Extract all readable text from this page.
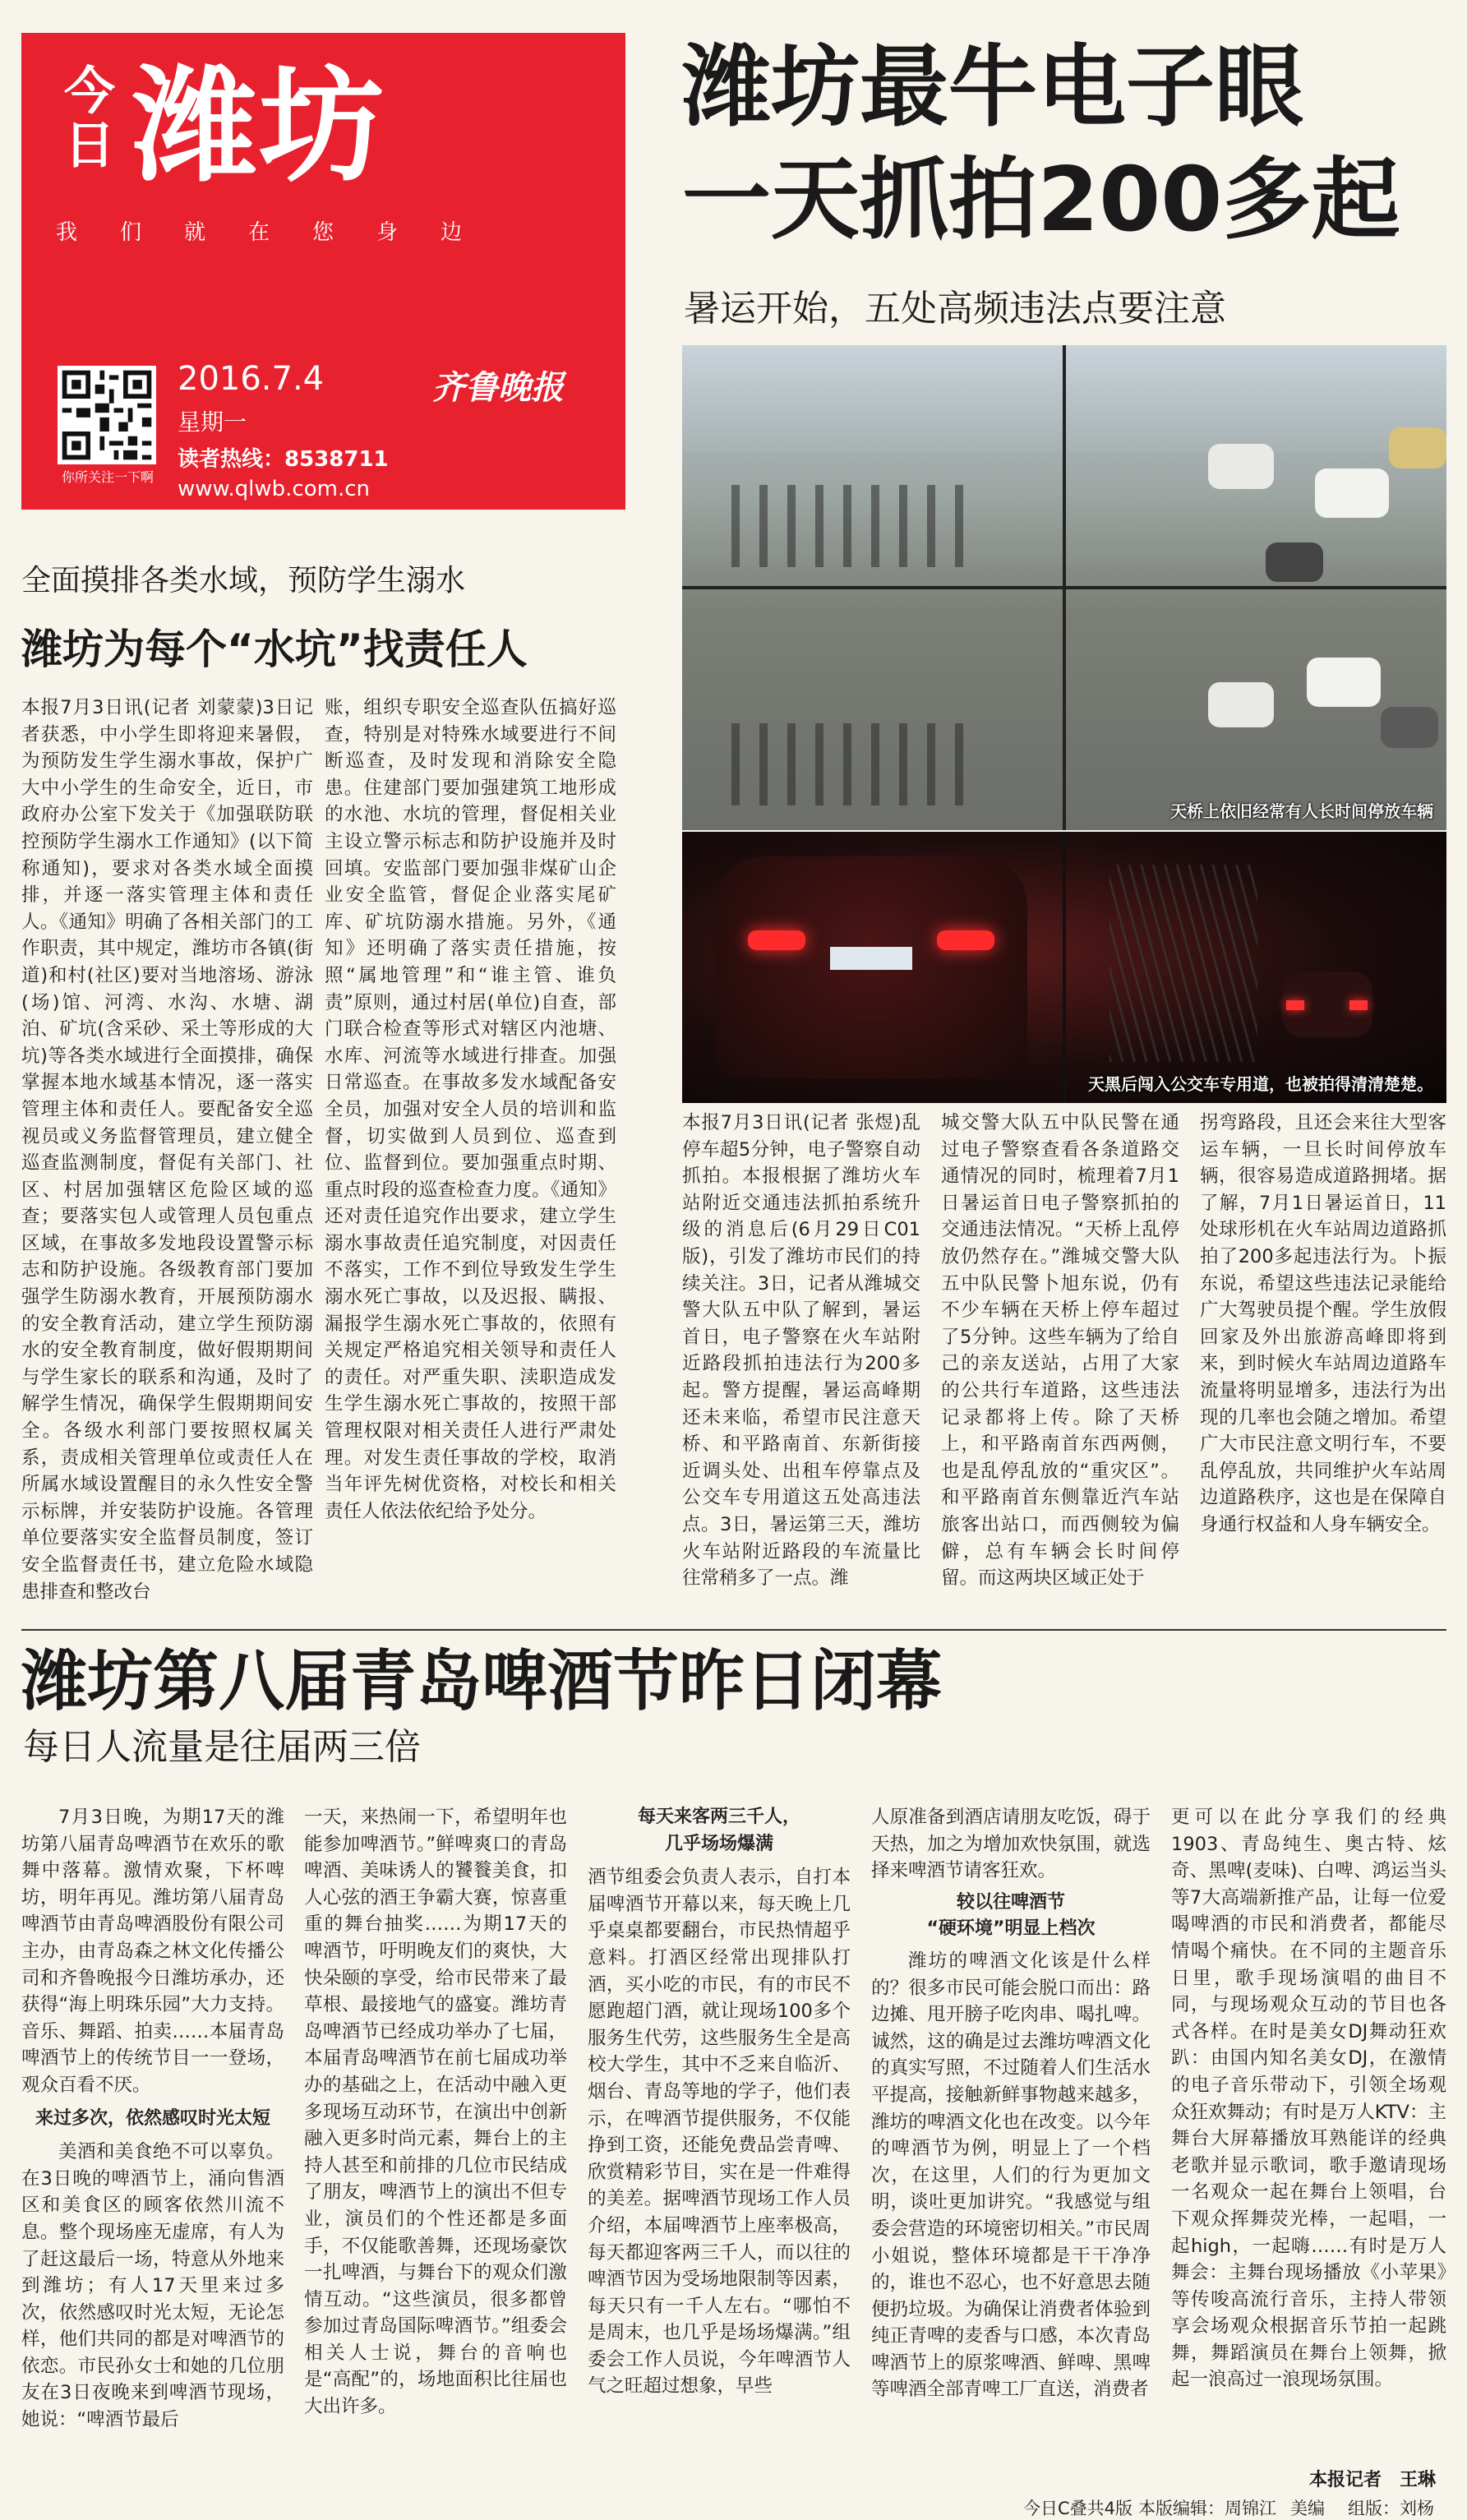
今日 潍坊
我们就在您身边
你所关注一下啊
2016.7.4
星期一
读者热线：8538711
www.qlwb.com.cn
齐鲁晚报
潍坊最牛电子眼
一天抓拍200多起
暑运开始，五处高频违法点要注意
天桥上依旧经常有人长时间停放车辆
天黑后闯入公交车专用道，也被拍得清清楚楚。

本报7月3日讯(记者 张煜)乱停车超5分钟，电子警察自动抓拍。本报根据了潍坊火车站附近交通违法抓拍系统升级的消息后(6月29日C01版)，引发了潍坊市民们的持续关注。3日，记者从潍城交警大队五中队了解到，暑运首日，电子警察在火车站附近路段抓拍违法行为200多起。警方提醒，暑运高峰期还未来临，希望市民注意天桥、和平路南首、东新街接近调头处、出租车停靠点及公交车专用道这五处高违法点。3日，暑运第三天，潍坊火车站附近路段的车流量比往常稍多了一点。潍

城交警大队五中队民警在通过电子警察查看各条道路交通情况的同时，梳理着7月1日暑运首日电子警察抓拍的交通违法情况。“天桥上乱停放仍然存在。”潍城交警大队五中队民警卜旭东说，仍有不少车辆在天桥上停车超过了5分钟。这些车辆为了给自己的亲友送站，占用了大家的公共行车道路，这些违法记录都将上传。除了天桥上，和平路南首东西两侧，也是乱停乱放的“重灾区”。和平路南首东侧靠近汽车站旅客出站口，而西侧较为偏僻，总有车辆会长时间停留。而这两块区域正处于

拐弯路段，且还会来往大型客运车辆，一旦长时间停放车辆，很容易造成道路拥堵。据了解，7月1日暑运首日，11处球形机在火车站周边道路抓拍了200多起违法行为。卜振东说，希望这些违法记录能给广大驾驶员提个醒。学生放假回家及外出旅游高峰即将到来，到时候火车站周边道路车流量将明显增多，违法行为出现的几率也会随之增加。希望广大市民注意文明行车，不要乱停乱放，共同维护火车站周边道路秩序，这也是在保障自身通行权益和人身车辆安全。

全面摸排各类水域，预防学生溺水
潍坊为每个“水坑”找责任人

本报7月3日讯(记者 刘蒙蒙)3日记者获悉，中小学生即将迎来暑假，为预防发生学生溺水事故，保护广大中小学生的生命安全，近日，市政府办公室下发关于《加强联防联控预防学生溺水工作通知》(以下简称通知)，要求对各类水域全面摸排，并逐一落实管理主体和责任人。《通知》明确了各相关部门的工作职责，其中规定，潍坊市各镇(街道)和村(社区)要对当地溶场、游泳(场)馆、河湾、水沟、水塘、湖泊、矿坑(含采砂、采土等形成的大坑)等各类水域进行全面摸排，确保掌握本地水域基本情况，逐一落实管理主体和责任人。要配备安全巡视员或义务监督管理员，建立健全巡查监测制度，督促有关部门、社区、村居加强辖区危险区域的巡查；要落实包人或管理人员包重点区域，在事故多发地段设置警示标志和防护设施。各级教育部门要加强学生防溺水教育，开展预防溺水的安全教育活动，建立学生预防溺水的安全教育制度，做好假期期间与学生家长的联系和沟通，及时了解学生情况，确保学生假期期间安全。各级水利部门要按照权属关系，责成相关管理单位或责任人在所属水域设置醒目的永久性安全警示标牌，并安装防护设施。各管理单位要落实安全监督员制度，签订安全监督责任书，建立危险水域隐患排查和整改台

账，组织专职安全巡查队伍搞好巡查，特别是对特殊水域要进行不间断巡查，及时发现和消除安全隐患。住建部门要加强建筑工地形成的水池、水坑的管理，督促相关业主设立警示标志和防护设施并及时回填。安监部门要加强非煤矿山企业安全监管，督促企业落实尾矿库、矿坑防溺水措施。另外，《通知》还明确了落实责任措施，按照“属地管理”和“谁主管、谁负责”原则，通过村居(单位)自查，部门联合检查等形式对辖区内池塘、水库、河流等水域进行排查。加强日常巡查。在事故多发水域配备安全员，加强对安全人员的培训和监督，切实做到人员到位、巡查到位、监督到位。要加强重点时期、重点时段的巡查检查力度。《通知》还对责任追究作出要求，建立学生溺水事故责任追究制度，对因责任不落实，工作不到位导致发生学生溺水死亡事故，以及迟报、瞒报、漏报学生溺水死亡事故的，依照有关规定严格追究相关领导和责任人的责任。对严重失职、渎职造成发生学生溺水死亡事故的，按照干部管理权限对相关责任人进行严肃处理。对发生责任事故的学校，取消当年评先树优资格，对校长和相关责任人依法依纪给予处分。

潍坊第八届青岛啤酒节昨日闭幕
每日人流量是往届两三倍

7月3日晚，为期17天的潍坊第八届青岛啤酒节在欢乐的歌舞中落幕。激情欢聚，下杯啤坊，明年再见。潍坊第八届青岛啤酒节由青岛啤酒股份有限公司主办，由青岛森之林文化传播公司和齐鲁晚报今日潍坊承办，还获得“海上明珠乐园”大力支持。音乐、舞蹈、拍卖……本届青岛啤酒节上的传统节目一一登场，观众百看不厌。

来过多次，依然感叹时光太短

美酒和美食绝不可以辜负。在3日晚的啤酒节上，涌向售酒区和美食区的顾客依然川流不息。整个现场座无虚席，有人为了赶这最后一场，特意从外地来到潍坊；有人17天里来过多次，依然感叹时光太短，无论怎样，他们共同的都是对啤酒节的依恋。市民孙女士和她的几位朋友在3日夜晚来到啤酒节现场，她说：“啤酒节最后

一天，来热闹一下，希望明年也能参加啤酒节。”鲜啤爽口的青岛啤酒、美味诱人的饕餮美食，扣人心弦的酒王争霸大赛，惊喜重重的舞台抽奖……为期17天的啤酒节，吁明晚友们的爽快，大快朵颐的享受，给市民带来了最草根、最接地气的盛宴。潍坊青岛啤酒节已经成功举办了七届，本届青岛啤酒节在前七届成功举办的基础之上，在活动中融入更多现场互动环节，在演出中创新融入更多时尚元素，舞台上的主持人甚至和前排的几位市民结成了朋友，啤酒节上的演出不但专业，演员们的个性还都是多面手，不仅能歌善舞，还现场豪饮一扎啤酒，与舞台下的观众们激情互动。“这些演员，很多都曾参加过青岛国际啤酒节。”组委会相关人士说，舞台的音响也是“高配”的，场地面积比往届也大出许多。

每天来客两三千人，

几乎场场爆满

酒节组委会负责人表示，自打本届啤酒节开幕以来，每天晚上几乎桌桌都要翻台，市民热情超乎意料。打酒区经常出现排队打酒，买小吃的市民，有的市民不愿跑超门酒，就让现场100多个服务生代劳，这些服务生全是高校大学生，其中不乏来自临沂、烟台、青岛等地的学子，他们表示，在啤酒节提供服务，不仅能挣到工资，还能免费品尝青啤、欣赏精彩节目，实在是一件难得的美差。据啤酒节现场工作人员介绍，本届啤酒节上座率极高，每天都迎客两三千人，而以往的啤酒节因为受场地限制等因素，每天只有一千人左右。“哪怕不是周末，也几乎是场场爆满。”组委会工作人员说，今年啤酒节人气之旺超过想象，早些

人原准备到酒店请朋友吃饭，碍于天热，加之为增加欢快氛围，就选择来啤酒节请客狂欢。

较以往啤酒节

“硬环境”明显上档次

潍坊的啤酒文化该是什么样的？很多市民可能会脱口而出：路边摊、甩开膀子吃肉串、喝扎啤。诚然，这的确是过去潍坊啤酒文化的真实写照，不过随着人们生活水平提高，接触新鲜事物越来越多，潍坊的啤酒文化也在改变。以今年的啤酒节为例，明显上了一个档次，在这里，人们的行为更加文明，谈吐更加讲究。“我感觉与组委会营造的环境密切相关。”市民周小姐说，整体环境都是干干净净的，谁也不忍心，也不好意思去随便扔垃圾。为确保让消费者体验到纯正青啤的麦香与口感，本次青岛啤酒节上的原浆啤酒、鲜啤、黑啤等啤酒全部青啤工厂直送，消费者

更可以在此分享我们的经典1903、青岛纯生、奥古特、炫奇、黑啤(麦味)、白啤、鸿运当头等7大高端新推产品，让每一位爱喝啤酒的市民和消费者，都能尽情喝个痛快。在不同的主题音乐日里，歌手现场演唱的曲目不同，与现场观众互动的节目也各式各样。在时是美女DJ舞动狂欢趴：由国内知名美女DJ，在激情的电子音乐带动下，引领全场观众狂欢舞动；有时是万人KTV：主舞台大屏幕播放耳熟能详的经典老歌并显示歌词，歌手邀请现场一名观众一起在舞台上领唱，台下观众挥舞荧光棒，一起唱，一起high，一起嗨……有时是万人舞会：主舞台现场播放《小苹果》等传唆高流行音乐，主持人带领享会场观众根据音乐节拍一起跳舞，舞蹈演员在舞台上领舞，掀起一浪高过一浪现场氛围。

本报记者　王琳
今日C叠共4版 本版编辑：周锦江 美编 组版：刘杨
